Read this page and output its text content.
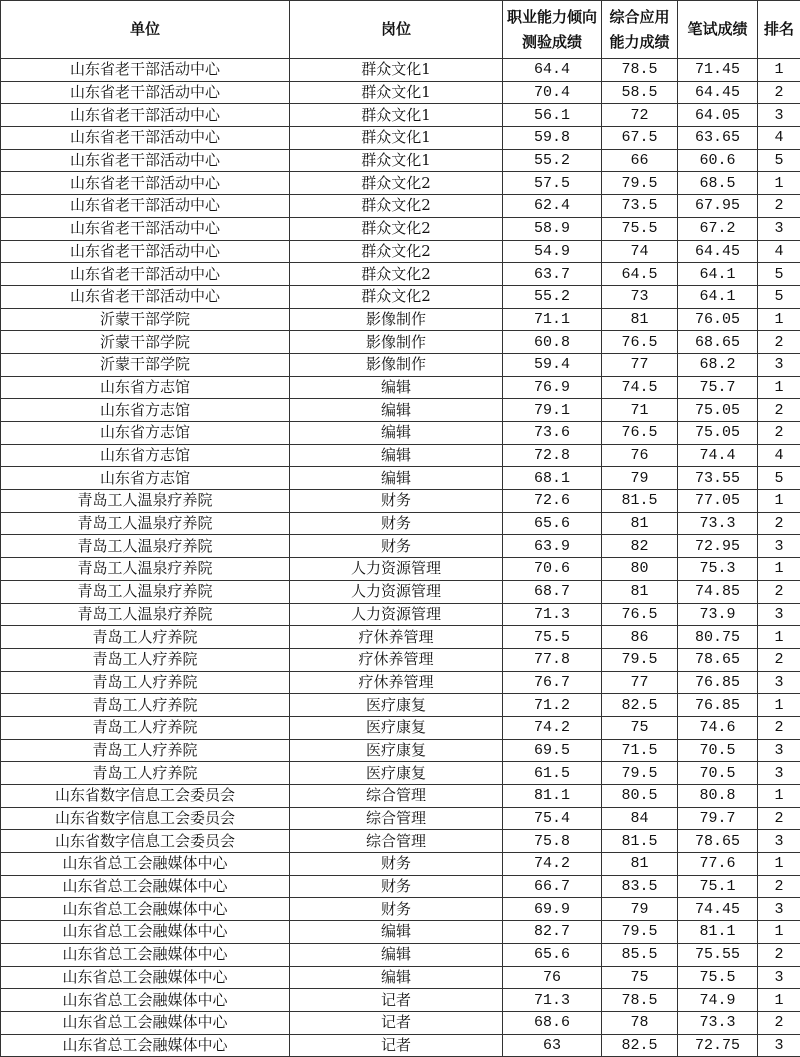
单位	岗位	职业能力倾向测验成绩	综合应用能力成绩	笔试成绩	排名
山东省老干部活动中心	群众文化1	64.4	78.5	71.45	1
山东省老干部活动中心	群众文化1	70.4	58.5	64.45	2
山东省老干部活动中心	群众文化1	56.1	72	64.05	3
山东省老干部活动中心	群众文化1	59.8	67.5	63.65	4
山东省老干部活动中心	群众文化1	55.2	66	60.6	5
山东省老干部活动中心	群众文化2	57.5	79.5	68.5	1
山东省老干部活动中心	群众文化2	62.4	73.5	67.95	2
山东省老干部活动中心	群众文化2	58.9	75.5	67.2	3
山东省老干部活动中心	群众文化2	54.9	74	64.45	4
山东省老干部活动中心	群众文化2	63.7	64.5	64.1	5
山东省老干部活动中心	群众文化2	55.2	73	64.1	5
沂蒙干部学院	影像制作	71.1	81	76.05	1
沂蒙干部学院	影像制作	60.8	76.5	68.65	2
沂蒙干部学院	影像制作	59.4	77	68.2	3
山东省方志馆	编辑	76.9	74.5	75.7	1
山东省方志馆	编辑	79.1	71	75.05	2
山东省方志馆	编辑	73.6	76.5	75.05	2
山东省方志馆	编辑	72.8	76	74.4	4
山东省方志馆	编辑	68.1	79	73.55	5
青岛工人温泉疗养院	财务	72.6	81.5	77.05	1
青岛工人温泉疗养院	财务	65.6	81	73.3	2
青岛工人温泉疗养院	财务	63.9	82	72.95	3
青岛工人温泉疗养院	人力资源管理	70.6	80	75.3	1
青岛工人温泉疗养院	人力资源管理	68.7	81	74.85	2
青岛工人温泉疗养院	人力资源管理	71.3	76.5	73.9	3
青岛工人疗养院	疗休养管理	75.5	86	80.75	1
青岛工人疗养院	疗休养管理	77.8	79.5	78.65	2
青岛工人疗养院	疗休养管理	76.7	77	76.85	3
青岛工人疗养院	医疗康复	71.2	82.5	76.85	1
青岛工人疗养院	医疗康复	74.2	75	74.6	2
青岛工人疗养院	医疗康复	69.5	71.5	70.5	3
青岛工人疗养院	医疗康复	61.5	79.5	70.5	3
山东省数字信息工会委员会	综合管理	81.1	80.5	80.8	1
山东省数字信息工会委员会	综合管理	75.4	84	79.7	2
山东省数字信息工会委员会	综合管理	75.8	81.5	78.65	3
山东省总工会融媒体中心	财务	74.2	81	77.6	1
山东省总工会融媒体中心	财务	66.7	83.5	75.1	2
山东省总工会融媒体中心	财务	69.9	79	74.45	3
山东省总工会融媒体中心	编辑	82.7	79.5	81.1	1
山东省总工会融媒体中心	编辑	65.6	85.5	75.55	2
山东省总工会融媒体中心	编辑	76	75	75.5	3
山东省总工会融媒体中心	记者	71.3	78.5	74.9	1
山东省总工会融媒体中心	记者	68.6	78	73.3	2
山东省总工会融媒体中心	记者	63	82.5	72.75	3
